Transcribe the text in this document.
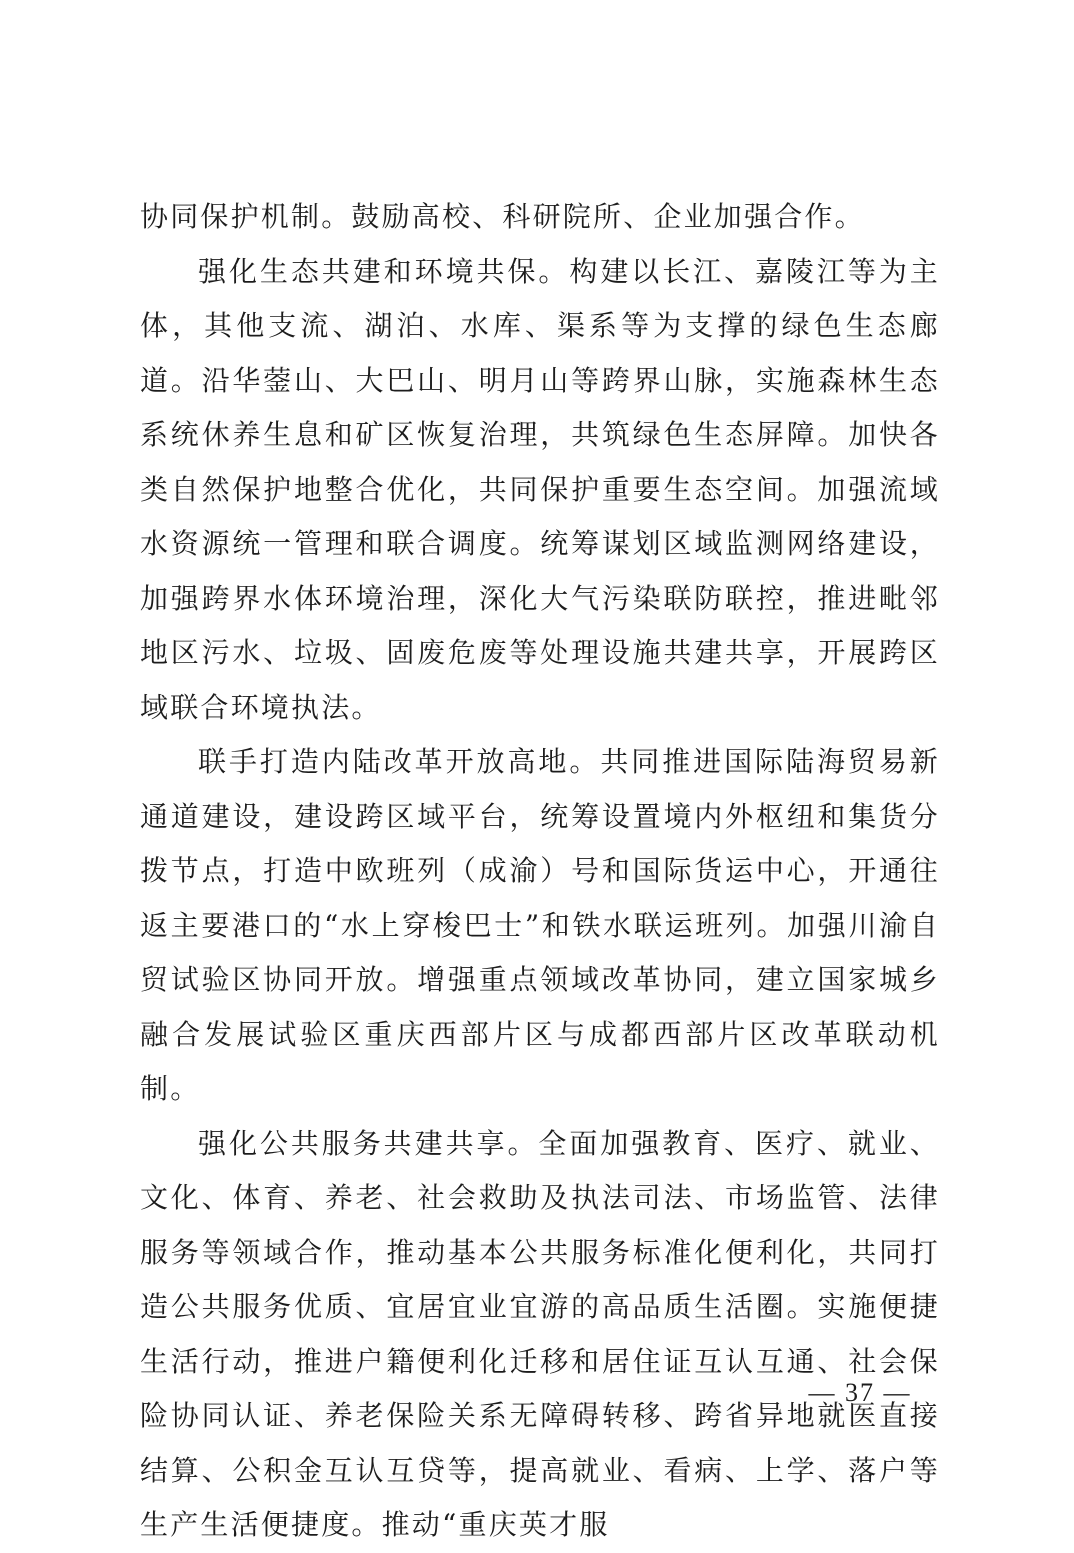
协同保护机制。鼓励高校、科研院所、企业加强合作。

强化生态共建和环境共保。构建以长江、嘉陵江等为主体，其他支流、湖泊、水库、渠系等为支撑的绿色生态廊道。沿华蓥山、大巴山、明月山等跨界山脉，实施森林生态系统休养生息和矿区恢复治理，共筑绿色生态屏障。加快各类自然保护地整合优化，共同保护重要生态空间。加强流域水资源统一管理和联合调度。统筹谋划区域监测网络建设，加强跨界水体环境治理，深化大气污染联防联控，推进毗邻地区污水、垃圾、固废危废等处理设施共建共享，开展跨区域联合环境执法。

联手打造内陆改革开放高地。共同推进国际陆海贸易新通道建设，建设跨区域平台，统筹设置境内外枢纽和集货分拨节点，打造中欧班列（成渝）号和国际货运中心，开通往返主要港口的“水上穿梭巴士”和铁水联运班列。加强川渝自贸试验区协同开放。增强重点领域改革协同，建立国家城乡融合发展试验区重庆西部片区与成都西部片区改革联动机制。

强化公共服务共建共享。全面加强教育、医疗、就业、文化、体育、养老、社会救助及执法司法、市场监管、法律服务等领域合作，推动基本公共服务标准化便利化，共同打造公共服务优质、宜居宜业宜游的高品质生活圈。实施便捷生活行动，推进户籍便利化迁移和居住证互认互通、社会保险协同认证、养老保险关系无障碍转移、跨省异地就医直接结算、公积金互认互贷等，提高就业、看病、上学、落户等生产生活便捷度。推动“重庆英才服

— 37 —
